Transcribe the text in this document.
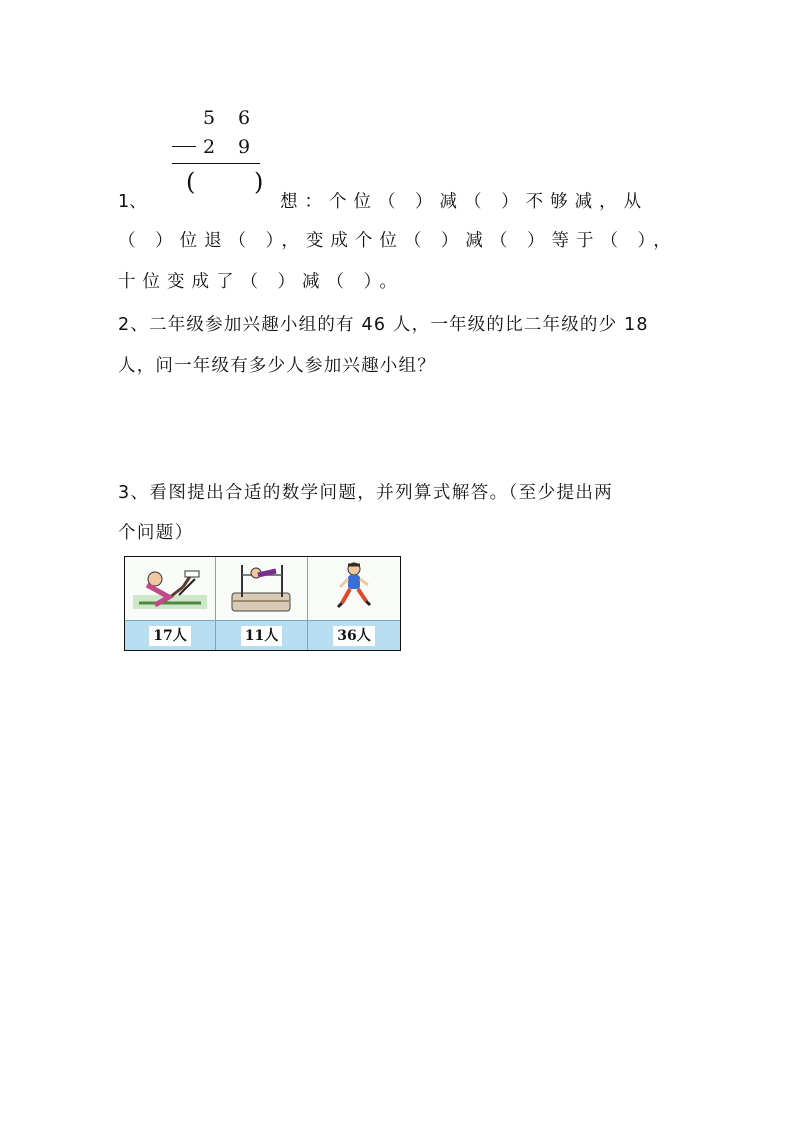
5 6
2 9
( )
1、	想：个位（ ）减（ ）不够减，从
（ ）位退（ ），变成个位（ ）减（ ）等于（ ），
十位变成了（ ）减（ ）。
2、二年级参加兴趣小组的有 46 人，一年级的比二年级的少 18
人，问一年级有多少人参加兴趣小组？
3、看图提出合适的数学问题，并列算式解答。（至少提出两
个问题）
17人	11人	36人
